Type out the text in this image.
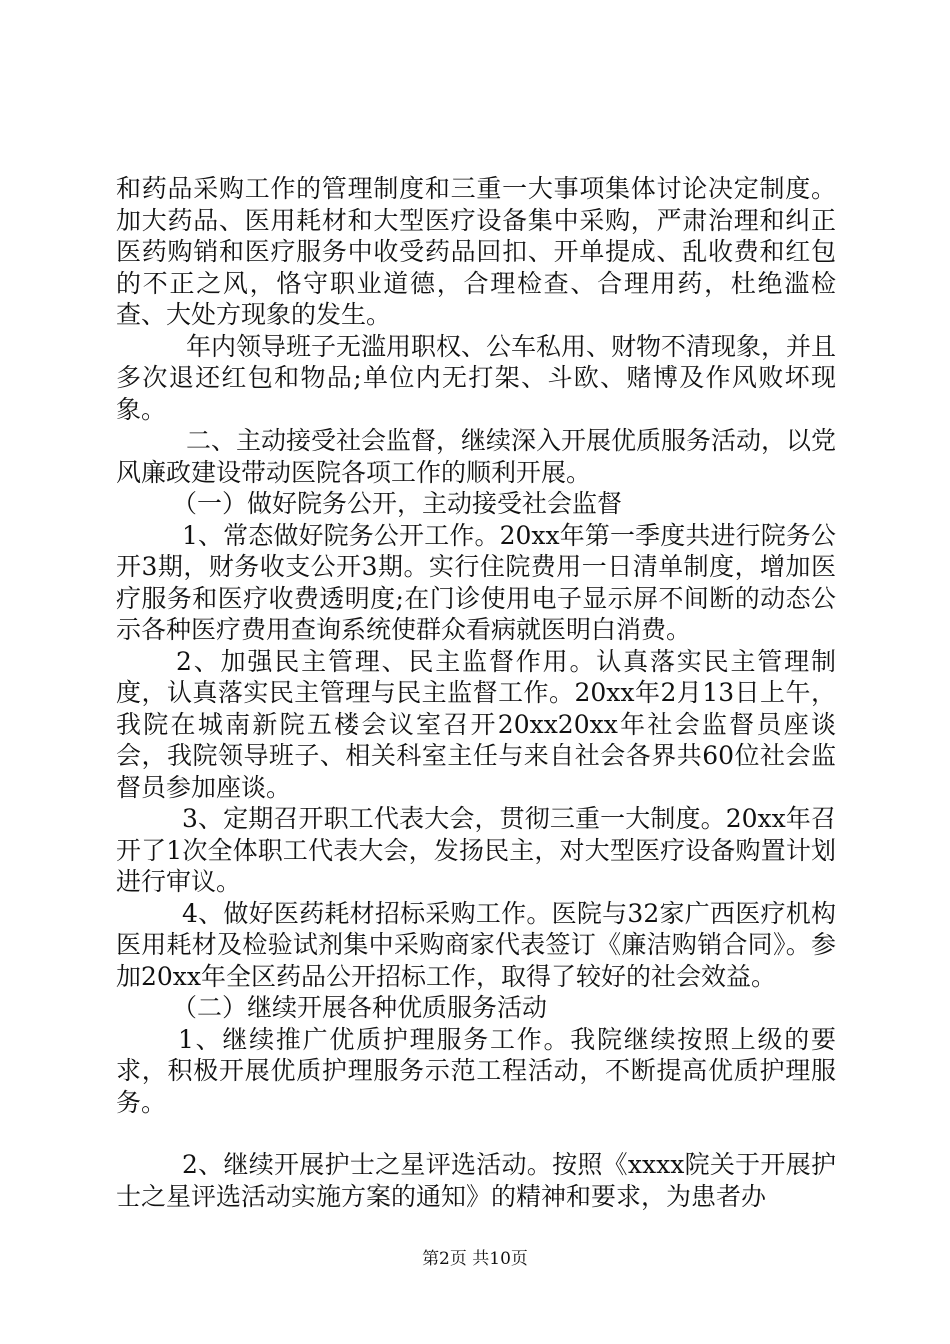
和药品采购工作的管理制度和三重一大事项集体讨论决定制度。加大药品、医用耗材和大型医疗设备集中采购，严肃治理和纠正医药购销和医疗服务中收受药品回扣、开单提成、乱收费和红包的不正之风，恪守职业道德，合理检查、合理用药，杜绝滥检查、大处方现象的发生。

年内领导班子无滥用职权、公车私用、财物不清现象，并且多次退还红包和物品;单位内无打架、斗欧、赌博及作风败坏现象。

二、主动接受社会监督，继续深入开展优质服务活动，以党风廉政建设带动医院各项工作的顺利开展。

（一）做好院务公开，主动接受社会监督

1、常态做好院务公开工作。20xx年第一季度共进行院务公开3期，财务收支公开3期。实行住院费用一日清单制度，增加医疗服务和医疗收费透明度;在门诊使用电子显示屏不间断的动态公示各种医疗费用查询系统使群众看病就医明白消费。

2、加强民主管理、民主监督作用。认真落实民主管理制度，认真落实民主管理与民主监督工作。20xx年2月13日上午，我院在城南新院五楼会议室召开20xx20xx年社会监督员座谈会，我院领导班子、相关科室主任与来自社会各界共60位社会监督员参加座谈。

3、定期召开职工代表大会，贯彻三重一大制度。20xx年召开了1次全体职工代表大会，发扬民主，对大型医疗设备购置计划进行审议。

4、做好医药耗材招标采购工作。医院与32家广西医疗机构医用耗材及检验试剂集中采购商家代表签订《廉洁购销合同》。参加20xx年全区药品公开招标工作，取得了较好的社会效益。

（二）继续开展各种优质服务活动

1、继续推广优质护理服务工作。我院继续按照上级的要求，积极开展优质护理服务示范工程活动，不断提高优质护理服务。

2、继续开展护士之星评选活动。按照《xxxx院关于开展护士之星评选活动实施方案的通知》的精神和要求，为患者办

第2页 共10页
